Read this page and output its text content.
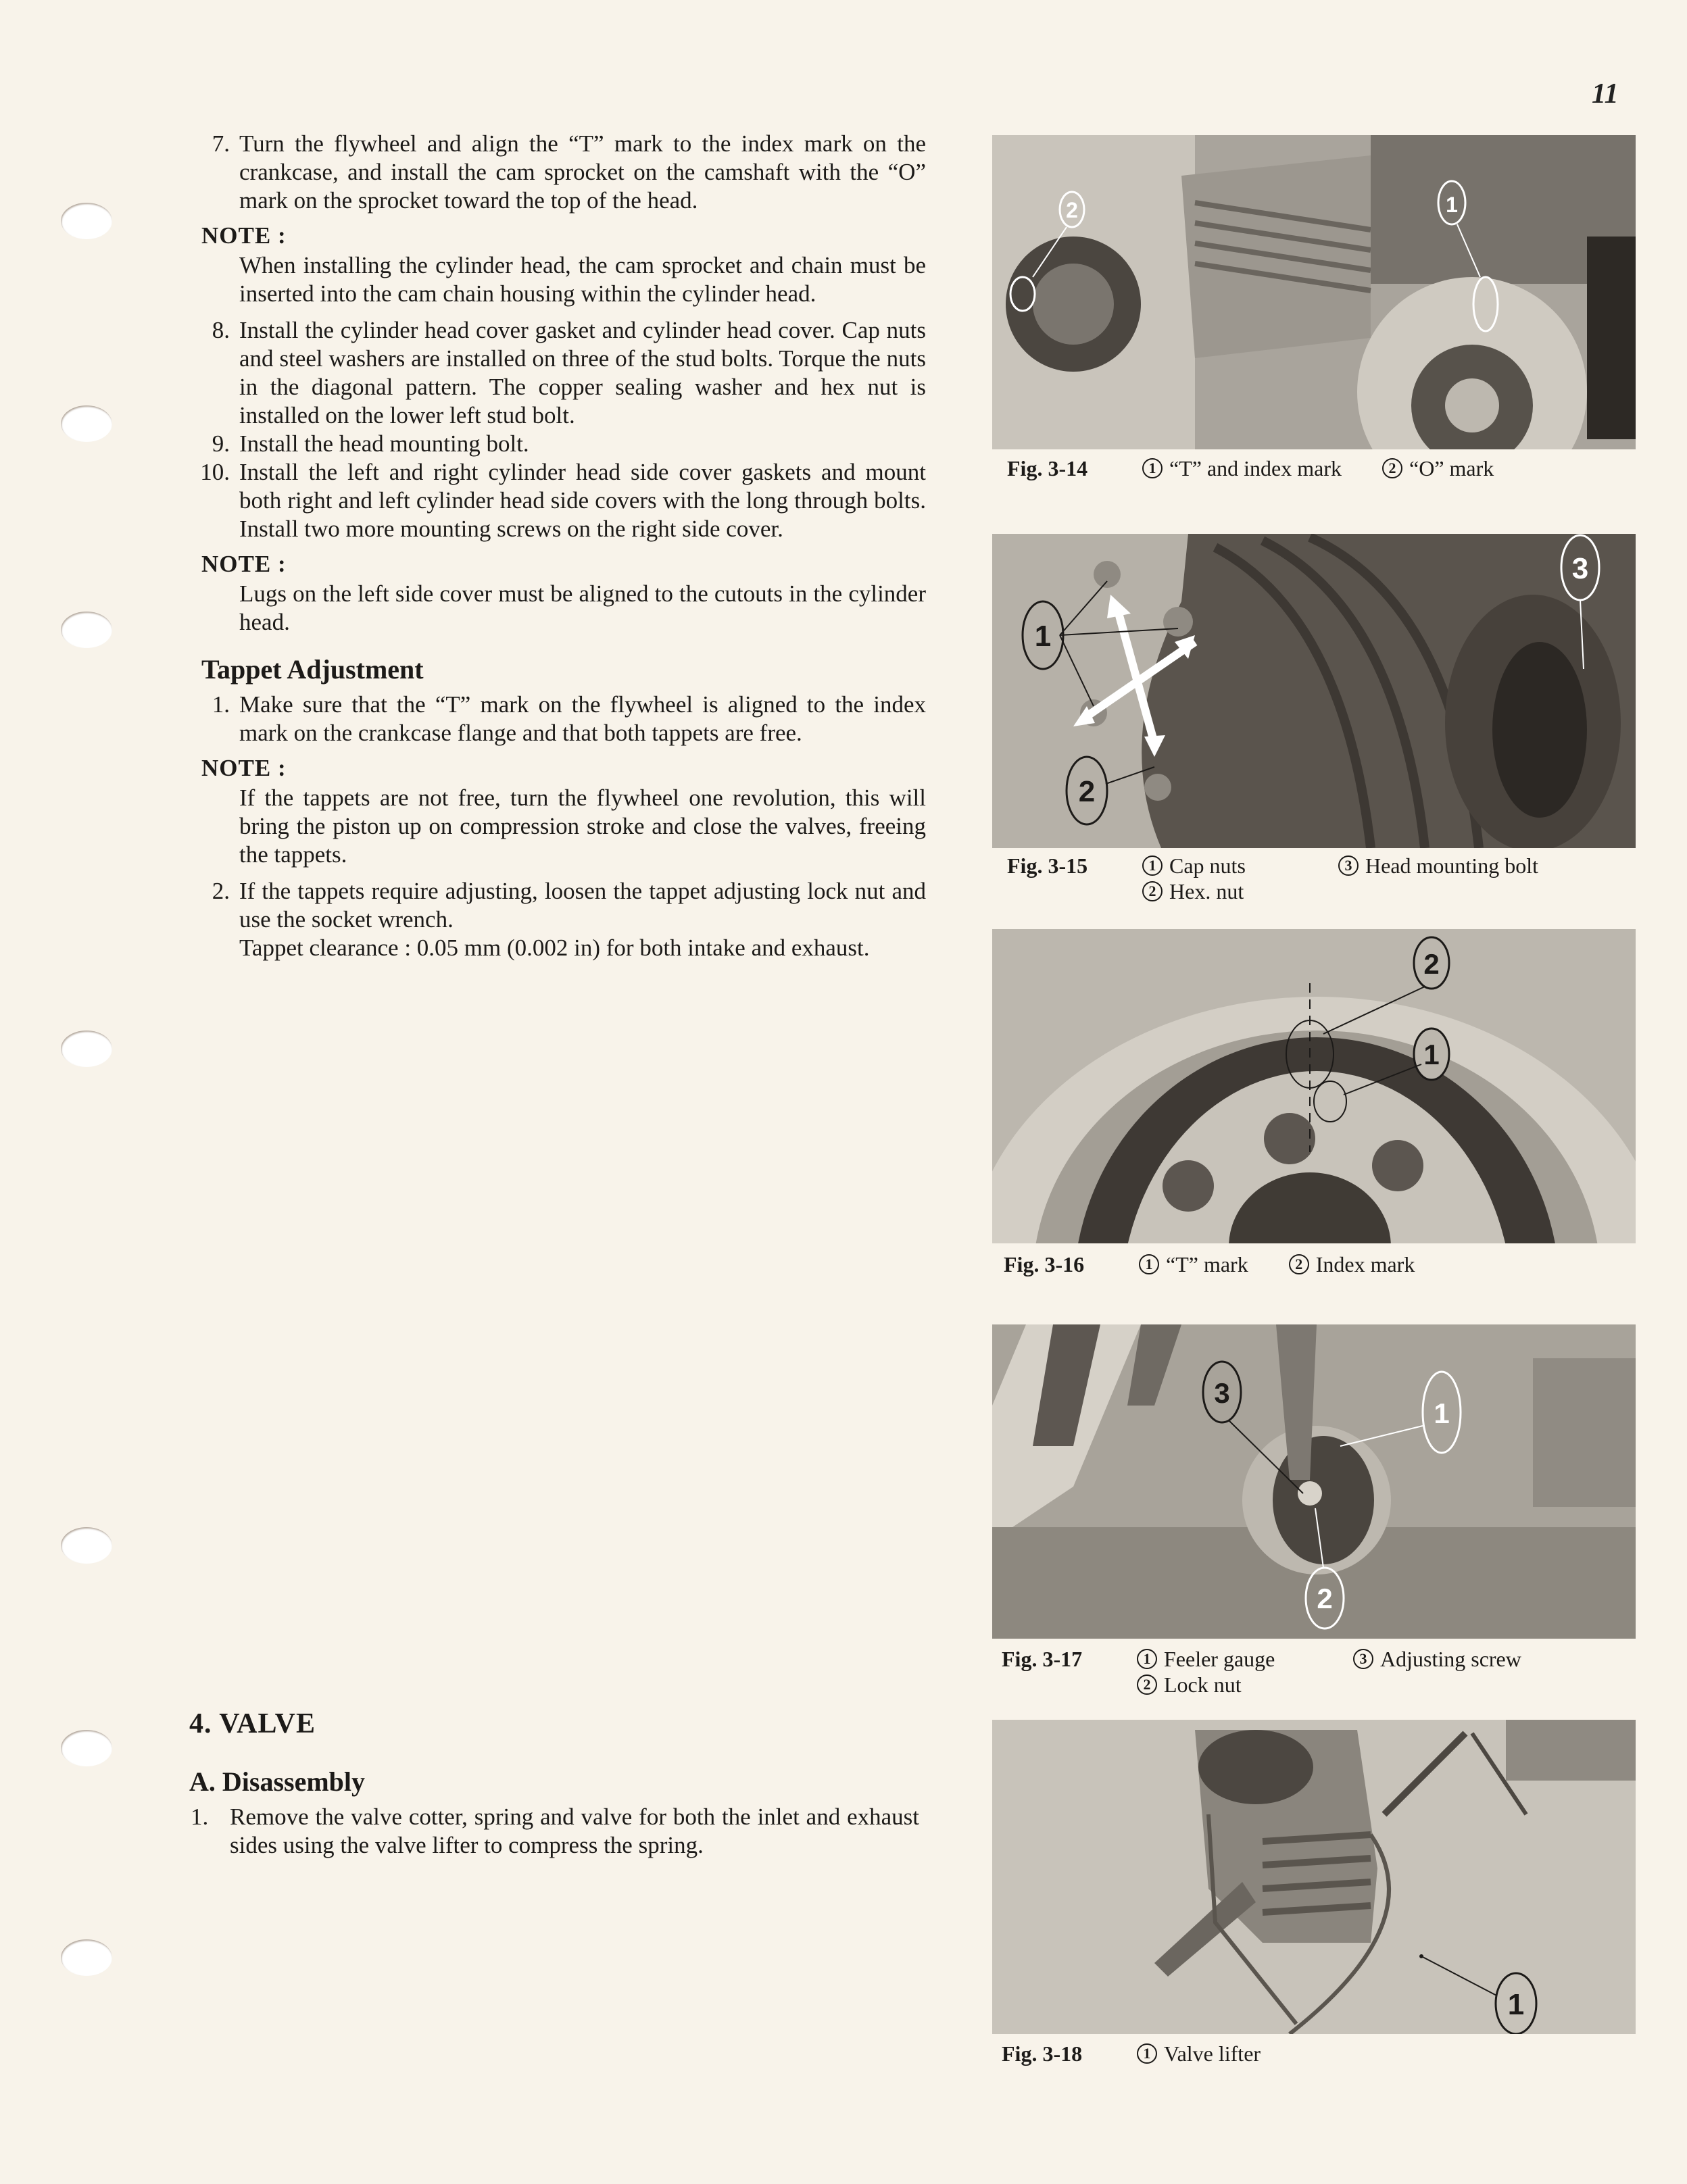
11
7. Turn the flywheel and align the “T” mark to the index mark on the crankcase, and install the cam sprocket on the camshaft with the “O” mark on the sprocket toward the top of the head.
NOTE :
When installing the cylinder head, the cam sprocket and chain must be inserted into the cam chain housing within the cylinder head.
8. Install the cylinder head cover gasket and cylinder head cover. Cap nuts and steel washers are installed on three of the stud bolts. Torque the nuts in the diagonal pattern. The copper sealing washer and hex nut is installed on the lower left stud bolt.
9. Install the head mounting bolt.
10. Install the left and right cylinder head side cover gaskets and mount both right and left cylinder head side covers with the long through bolts. Install two more mounting screws on the right side cover.
NOTE :
Lugs on the left side cover must be aligned to the cutouts in the cylinder head.
Tappet Adjustment
1. Make sure that the “T” mark on the flywheel is aligned to the index mark on the crankcase flange and that both tappets are free.
NOTE :
If the tappets are not free, turn the flywheel one revolution, this will bring the piston up on compression stroke and close the valves, freeing the tappets.
2. If the tappets require adjusting, loosen the tappet adjusting lock nut and use the socket wrench.
Tappet clearance : 0.05 mm (0.002 in) for both intake and exhaust.
4. VALVE
A. Disassembly
1. Remove the valve cotter, spring and valve for both the inlet and exhaust sides using the valve lifter to compress the spring.
2	1
Fig. 3-14	1 “T” and index mark	2 “O” mark
1
2
3
Fig. 3-15	1 Cap nuts	3 Head mounting bolt
2 Hex. nut
2
1
Fig. 3-16	1 “T” mark	2 Index mark
3
1
2
Fig. 3-17	1 Feeler gauge	3 Adjusting screw
2 Lock nut
1
Fig. 3-18	1 Valve lifter
